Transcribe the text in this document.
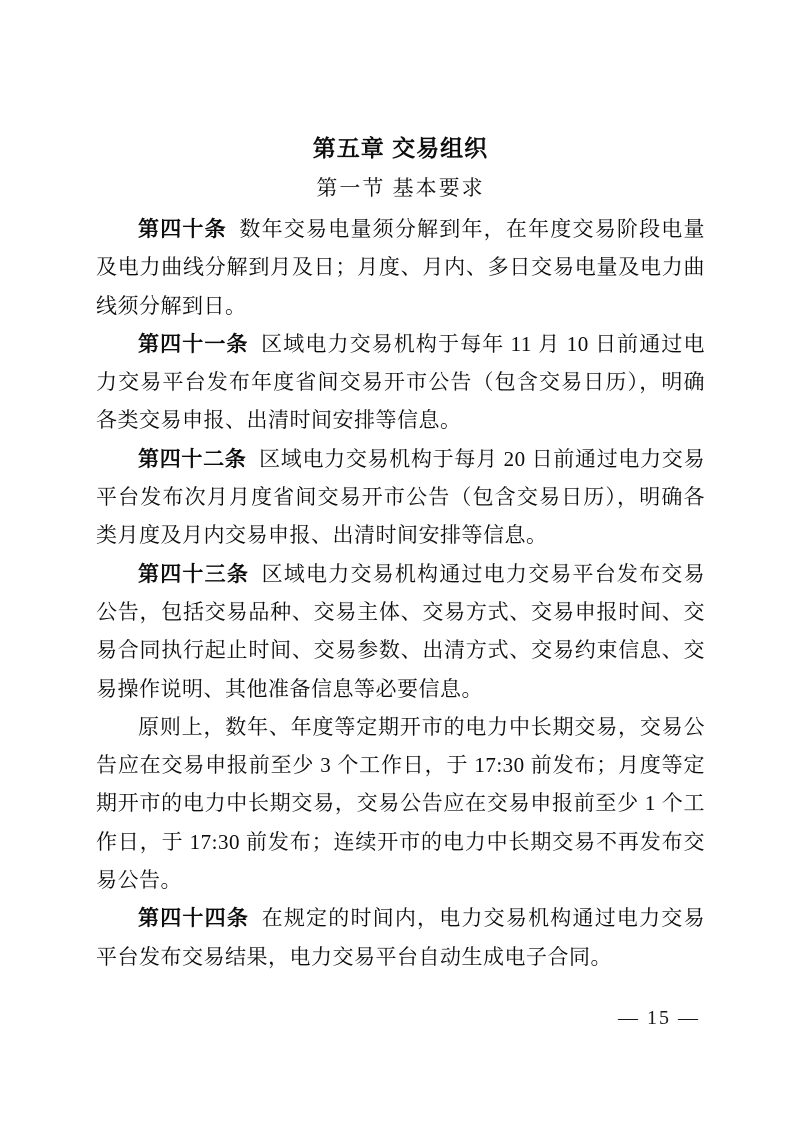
第五章 交易组织
第一节 基本要求

第四十条 数年交易电量须分解到年，在年度交易阶段电量及电力曲线分解到月及日；月度、月内、多日交易电量及电力曲线须分解到日。

第四十一条 区域电力交易机构于每年 11 月 10 日前通过电力交易平台发布年度省间交易开市公告（包含交易日历），明确各类交易申报、出清时间安排等信息。

第四十二条 区域电力交易机构于每月 20 日前通过电力交易平台发布次月月度省间交易开市公告（包含交易日历），明确各类月度及月内交易申报、出清时间安排等信息。

第四十三条 区域电力交易机构通过电力交易平台发布交易公告，包括交易品种、交易主体、交易方式、交易申报时间、交易合同执行起止时间、交易参数、出清方式、交易约束信息、交易操作说明、其他准备信息等必要信息。

原则上，数年、年度等定期开市的电力中长期交易，交易公告应在交易申报前至少 3 个工作日，于 17:30 前发布；月度等定期开市的电力中长期交易，交易公告应在交易申报前至少 1 个工作日，于 17:30 前发布；连续开市的电力中长期交易不再发布交易公告。

第四十四条 在规定的时间内，电力交易机构通过电力交易平台发布交易结果，电力交易平台自动生成电子合同。

— 15 —
